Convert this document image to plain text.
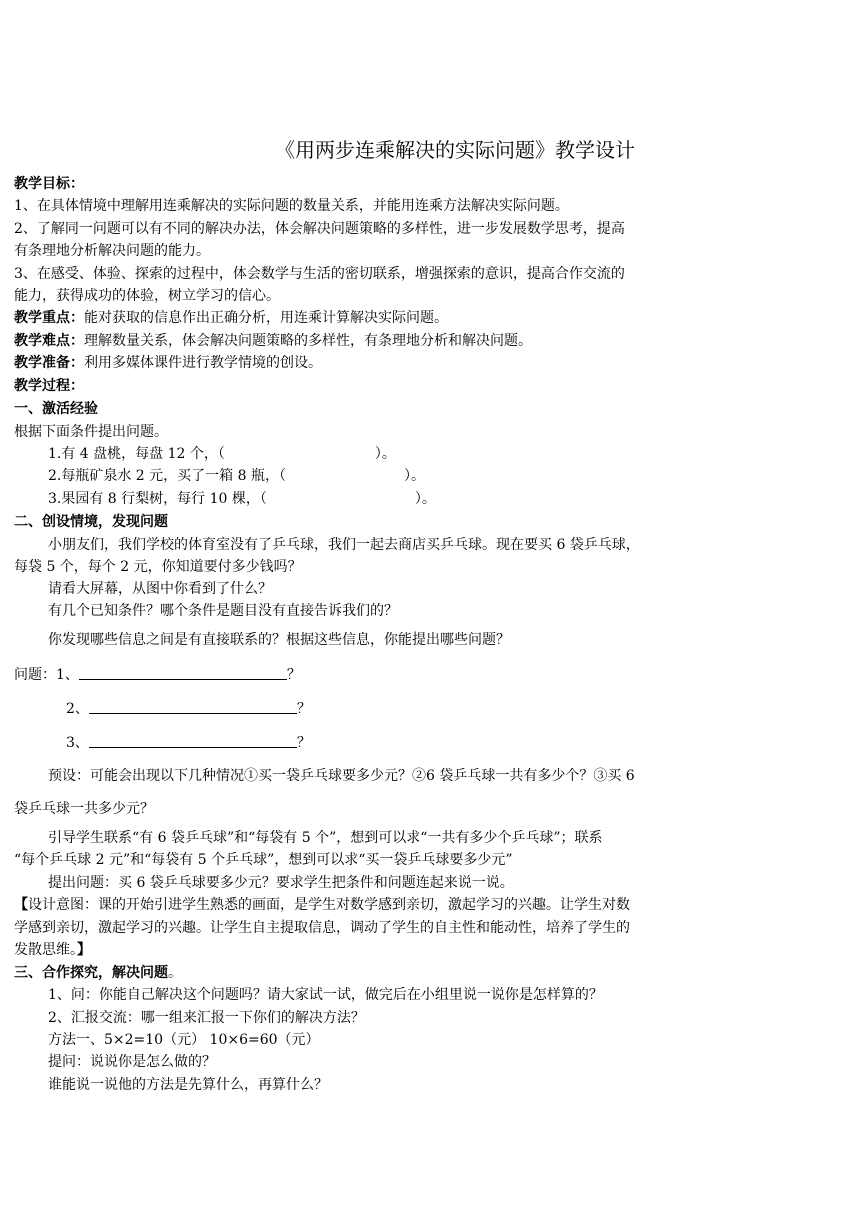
《用两步连乘解决的实际问题》教学设计
教学目标：
1、在具体情境中理解用连乘解决的实际问题的数量关系，并能用连乘方法解决实际问题。
2、了解同一问题可以有不同的解决办法，体会解决问题策略的多样性，进一步发展数学思考，提高
有条理地分析解决问题的能力。
3、在感受、体验、探索的过程中，体会数学与生活的密切联系，增强探索的意识，提高合作交流的
能力，获得成功的体验，树立学习的信心。
教学重点：能对获取的信息作出正确分析，用连乘计算解决实际问题。
教学难点：理解数量关系，体会解决问题策略的多样性，有条理地分析和解决问题。
教学准备：利用多媒体课件进行教学情境的创设。
教学过程：
一、激活经验
根据下面条件提出问题。
1.有 4 盘桃，每盘 12 个，（	）。
2.每瓶矿泉水 2 元，买了一箱 8 瓶，（	）。
3.果园有 8 行梨树，每行 10 棵，（	）。
二、创设情境，发现问题
小朋友们，我们学校的体育室没有了乒乓球，我们一起去商店买乒乓球。现在要买 6 袋乒乓球，
每袋 5 个，每个 2 元，你知道要付多少钱吗？
请看大屏幕，从图中你看到了什么？
有几个已知条件？哪个条件是题目没有直接告诉我们的？
你发现哪些信息之间是有直接联系的？根据这些信息，你能提出哪些问题？
问题：1、	？
2、	？
3、	？
预设：可能会出现以下几种情况①买一袋乒乓球要多少元？②6 袋乒乓球一共有多少个？③买 6
袋乒乓球一共多少元？
引导学生联系“有 6 袋乒乓球”和“每袋有 5 个”，想到可以求“一共有多少个乒乓球”；联系
“每个乒乓球 2 元”和“每袋有 5 个乒乓球”，想到可以求“买一袋乒乓球要多少元”
提出问题：买 6 袋乒乓球要多少元？要求学生把条件和问题连起来说一说。
【设计意图：课的开始引进学生熟悉的画面，是学生对数学感到亲切，激起学习的兴趣。让学生对数
学感到亲切，激起学习的兴趣。让学生自主提取信息，调动了学生的自主性和能动性，培养了学生的
发散思维。】
三、合作探究，解决问题。
1、问：你能自己解决这个问题吗？请大家试一试，做完后在小组里说一说你是怎样算的？
2、汇报交流：哪一组来汇报一下你们的解决方法？
方法一、5×2=10（元） 10×6=60（元）
提问：说说你是怎么做的？
谁能说一说他的方法是先算什么，再算什么？
